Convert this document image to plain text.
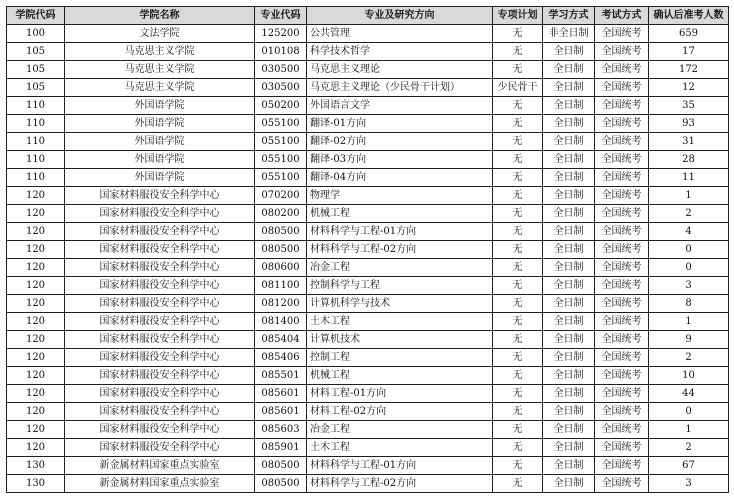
学院代码	学院名称	专业代码	专业及研究方向	专项计划	学习方式	考试方式	确认后准考人数
100	文法学院	125200	公共管理	无	非全日制	全国统考	659
105	马克思主义学院	010108	科学技术哲学	无	全日制	全国统考	17
105	马克思主义学院	030500	马克思主义理论	无	全日制	全国统考	172
105	马克思主义学院	030500	马克思主义理论（少民骨干计划）	少民骨干	全日制	全国统考	12
110	外国语学院	050200	外国语言文学	无	全日制	全国统考	35
110	外国语学院	055100	翻译-01方向	无	全日制	全国统考	93
110	外国语学院	055100	翻译-02方向	无	全日制	全国统考	31
110	外国语学院	055100	翻译-03方向	无	全日制	全国统考	28
110	外国语学院	055100	翻译-04方向	无	全日制	全国统考	11
120	国家材料服役安全科学中心	070200	物理学	无	全日制	全国统考	1
120	国家材料服役安全科学中心	080200	机械工程	无	全日制	全国统考	2
120	国家材料服役安全科学中心	080500	材料科学与工程-01方向	无	全日制	全国统考	4
120	国家材料服役安全科学中心	080500	材料科学与工程-02方向	无	全日制	全国统考	0
120	国家材料服役安全科学中心	080600	冶金工程	无	全日制	全国统考	0
120	国家材料服役安全科学中心	081100	控制科学与工程	无	全日制	全国统考	3
120	国家材料服役安全科学中心	081200	计算机科学与技术	无	全日制	全国统考	8
120	国家材料服役安全科学中心	081400	土木工程	无	全日制	全国统考	1
120	国家材料服役安全科学中心	085404	计算机技术	无	全日制	全国统考	9
120	国家材料服役安全科学中心	085406	控制工程	无	全日制	全国统考	2
120	国家材料服役安全科学中心	085501	机械工程	无	全日制	全国统考	10
120	国家材料服役安全科学中心	085601	材料工程-01方向	无	全日制	全国统考	44
120	国家材料服役安全科学中心	085601	材料工程-02方向	无	全日制	全国统考	0
120	国家材料服役安全科学中心	085603	冶金工程	无	全日制	全国统考	1
120	国家材料服役安全科学中心	085901	土木工程	无	全日制	全国统考	2
130	新金属材料国家重点实验室	080500	材料科学与工程-01方向	无	全日制	全国统考	67
130	新金属材料国家重点实验室	080500	材料科学与工程-02方向	无	全日制	全国统考	3
